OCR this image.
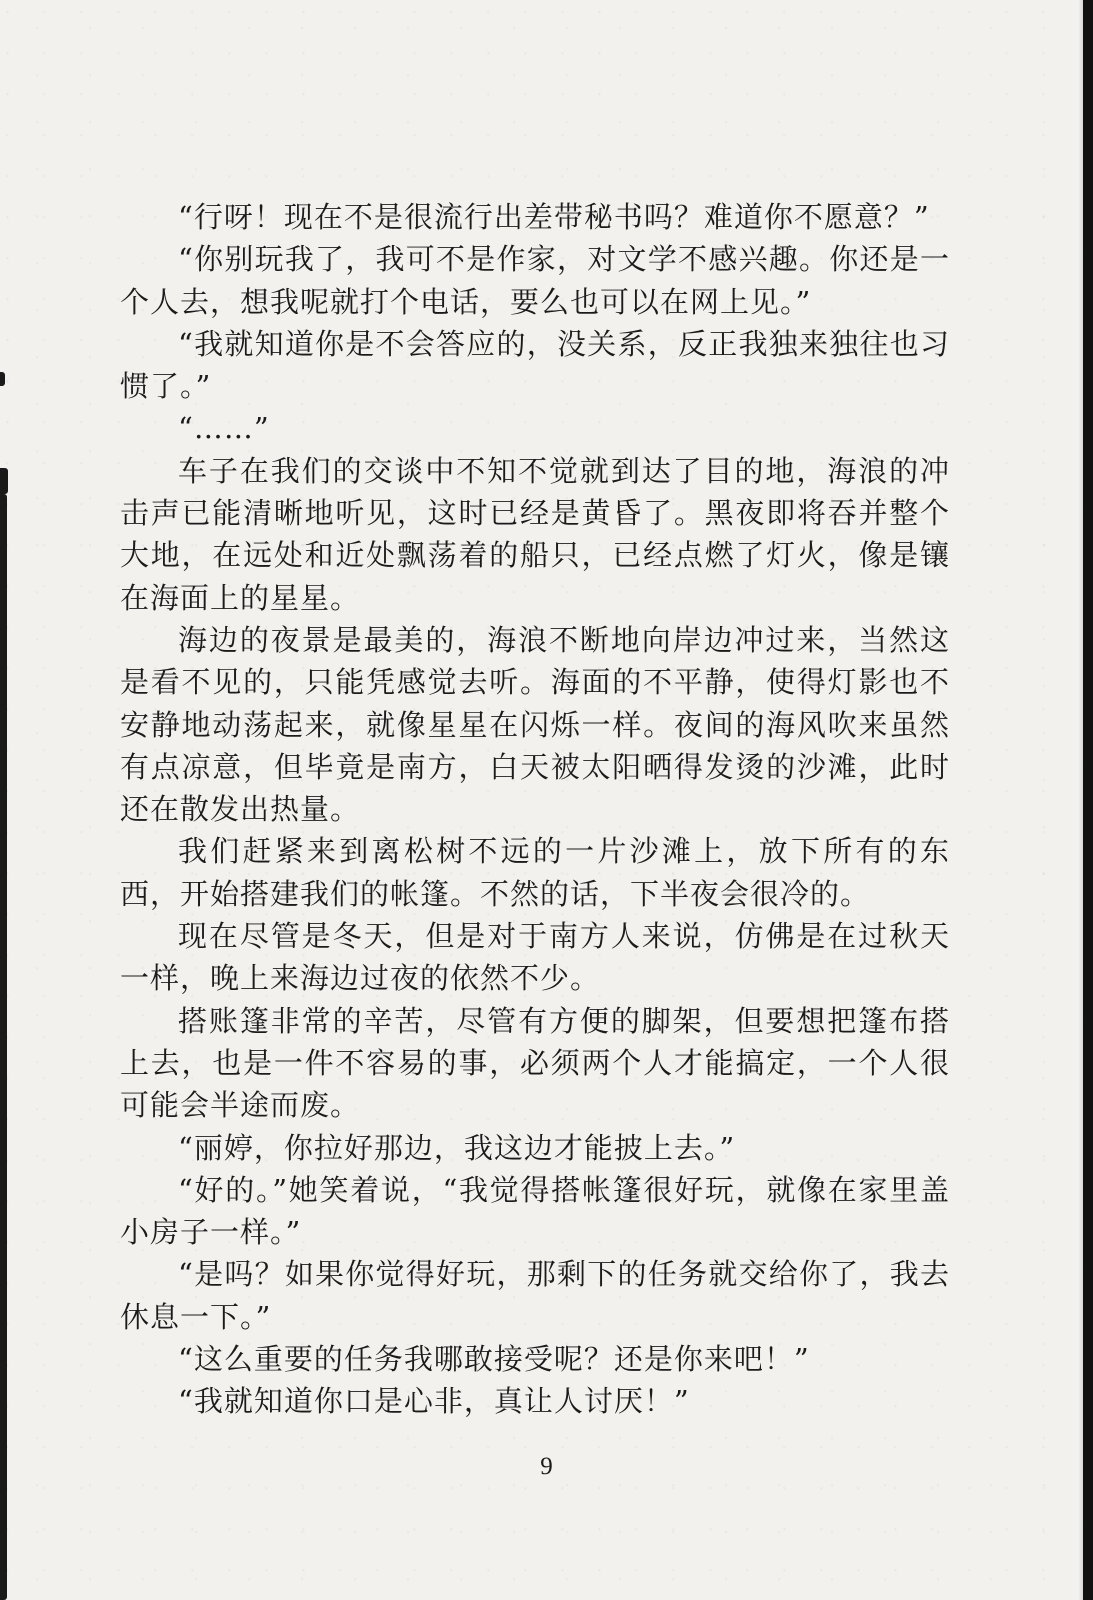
“行呀！现在不是很流行出差带秘书吗？难道你不愿意？”

“你别玩我了，我可不是作家，对文学不感兴趣。你还是一个人去，想我呢就打个电话，要么也可以在网上见。”

“我就知道你是不会答应的，没关系，反正我独来独往也习惯了。”

“……”

车子在我们的交谈中不知不觉就到达了目的地，海浪的冲击声已能清晰地听见，这时已经是黄昏了。黑夜即将吞并整个大地，在远处和近处飘荡着的船只，已经点燃了灯火，像是镶在海面上的星星。

海边的夜景是最美的，海浪不断地向岸边冲过来，当然这是看不见的，只能凭感觉去听。海面的不平静，使得灯影也不安静地动荡起来，就像星星在闪烁一样。夜间的海风吹来虽然有点凉意，但毕竟是南方，白天被太阳晒得发烫的沙滩，此时还在散发出热量。

我们赶紧来到离松树不远的一片沙滩上，放下所有的东西，开始搭建我们的帐篷。不然的话，下半夜会很冷的。

现在尽管是冬天，但是对于南方人来说，仿佛是在过秋天一样，晚上来海边过夜的依然不少。

搭账篷非常的辛苦，尽管有方便的脚架，但要想把篷布搭上去，也是一件不容易的事，必须两个人才能搞定，一个人很可能会半途而废。

“丽婷，你拉好那边，我这边才能披上去。”

“好的。”她笑着说，“我觉得搭帐篷很好玩，就像在家里盖小房子一样。”

“是吗？如果你觉得好玩，那剩下的任务就交给你了，我去休息一下。”

“这么重要的任务我哪敢接受呢？还是你来吧！”

“我就知道你口是心非，真让人讨厌！”

9
